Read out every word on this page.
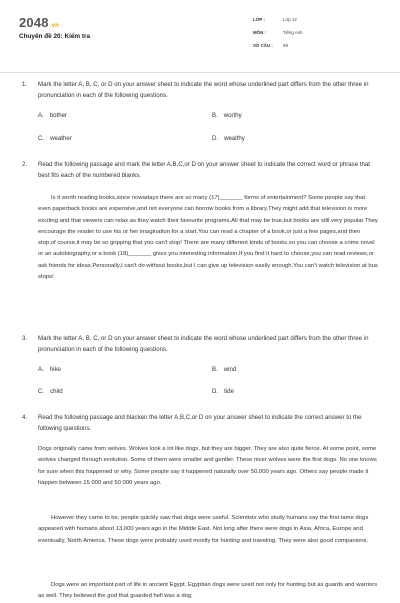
2048.vn
Chuyên đề 20: Kiểm tra
LỚP :	Lớp 12
MÔN :	Tiếng Anh
SỐ CÂU :	99
1. Mark the letter A, B, C, or D on your answer sheet to indicate the word whose underlined part differs from the other three in pronunciation in each of the following questions.
A. bother	B. worthy
C. weather	D. wealthy
2. Read the following passage and mark the letter A,B,C,or D on your answer sheet to indicate the correct word or phrase that best fits each of the numbered blanks.
Is it worth reading books,since nowadays there are so many (17)_______ forms of entertainment? Some people say that even paperback books are expensive,and not everyone can borrow books from a library.They might add that television is more exciting and that viewers can relax as they watch their favourite programs.All that may be true,but books are still very popular.They encourage the reader to use his or her imagination for a start.You can read a chapter of a book,or just a few pages,and then stop,of course,it may be so gripping that you can't stop! There are many different kinds of books,so you can choose a crime novel or an autobiography,or a book (18)_______ gives you interesting information.If you find it hard to choose,you can read reviews,or ask friends for ideas.Personally,I can't do without books,but I can give up television easily enough.You can't watch television at bus stops!
3. Mark the letter A, B, C, or D on your answer sheet to indicate the word whose underlined part differs from the other three in pronunciation in each of the following questions.
A. hike	B. wind
C. child	D. tide
4. Read the following passage and blacken the letter A,B,C,or D on your answer sheet to indicate the correct answer to the following questions.
Dogs originally came from wolves. Wolves look a lot like dogs, but they are bigger. They are also quite fierce. At some point, some wolves changed through evolution. Some of them were smaller and gentler. These nicer wolves were the first dogs. No one knows for sure when this happened or why. Some people say it happened naturally over 50,000 years ago. Others say people made it happen between 15 000 and 50 000 years ago.
However they came to be, people quickly saw that dogs were useful. Scientists who study humans say the first tame dogs appeared with humans about 13,000 years ago in the Middle East. Not long after there were dogs in Asia, Africa, Europe and eventually, North America. These dogs were probably used mostly for hunting and traveling. They were also good companions.
Dogs were an important part of life in ancient Egypt. Egyptian dogs were used not only for hunting but as guards and warriors as well. They believed the god that guarded hell was a dog.
